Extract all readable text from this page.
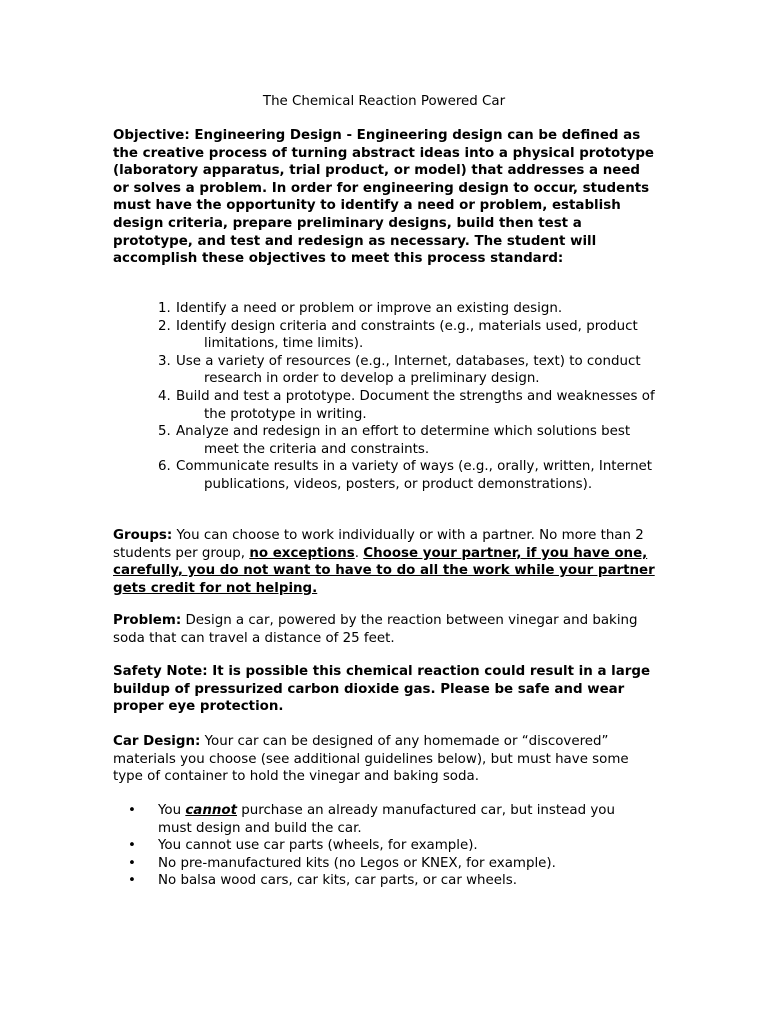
The Chemical Reaction Powered Car
Objective: Engineering Design - Engineering design can be defined as the creative process of turning abstract ideas into a physical prototype (laboratory apparatus, trial product, or model) that addresses a need or solves a problem. In order for engineering design to occur, students must have the opportunity to identify a need or problem, establish design criteria, prepare preliminary designs, build then test a prototype, and test and redesign as necessary. The student will accomplish these objectives to meet this process standard:
1. Identify a need or problem or improve an existing design.
2. Identify design criteria and constraints (e.g., materials used, product limitations, time limits).
3. Use a variety of resources (e.g., Internet, databases, text) to conduct research in order to develop a preliminary design.
4. Build and test a prototype. Document the strengths and weaknesses of the prototype in writing.
5. Analyze and redesign in an effort to determine which solutions best meet the criteria and constraints.
6. Communicate results in a variety of ways (e.g., orally, written, Internet publications, videos, posters, or product demonstrations).
Groups: You can choose to work individually or with a partner. No more than 2 students per group, no exceptions. Choose your partner, if you have one, carefully, you do not want to have to do all the work while your partner gets credit for not helping.
Problem: Design a car, powered by the reaction between vinegar and baking soda that can travel a distance of 25 feet.
Safety Note: It is possible this chemical reaction could result in a large buildup of pressurized carbon dioxide gas. Please be safe and wear proper eye protection.
Car Design: Your car can be designed of any homemade or “discovered” materials you choose (see additional guidelines below), but must have some type of container to hold the vinegar and baking soda.
•	You cannot purchase an already manufactured car, but instead you must design and build the car.
•	You cannot use car parts (wheels, for example).
•	No pre-manufactured kits (no Legos or KNEX, for example).
•	No balsa wood cars, car kits, car parts, or car wheels.
